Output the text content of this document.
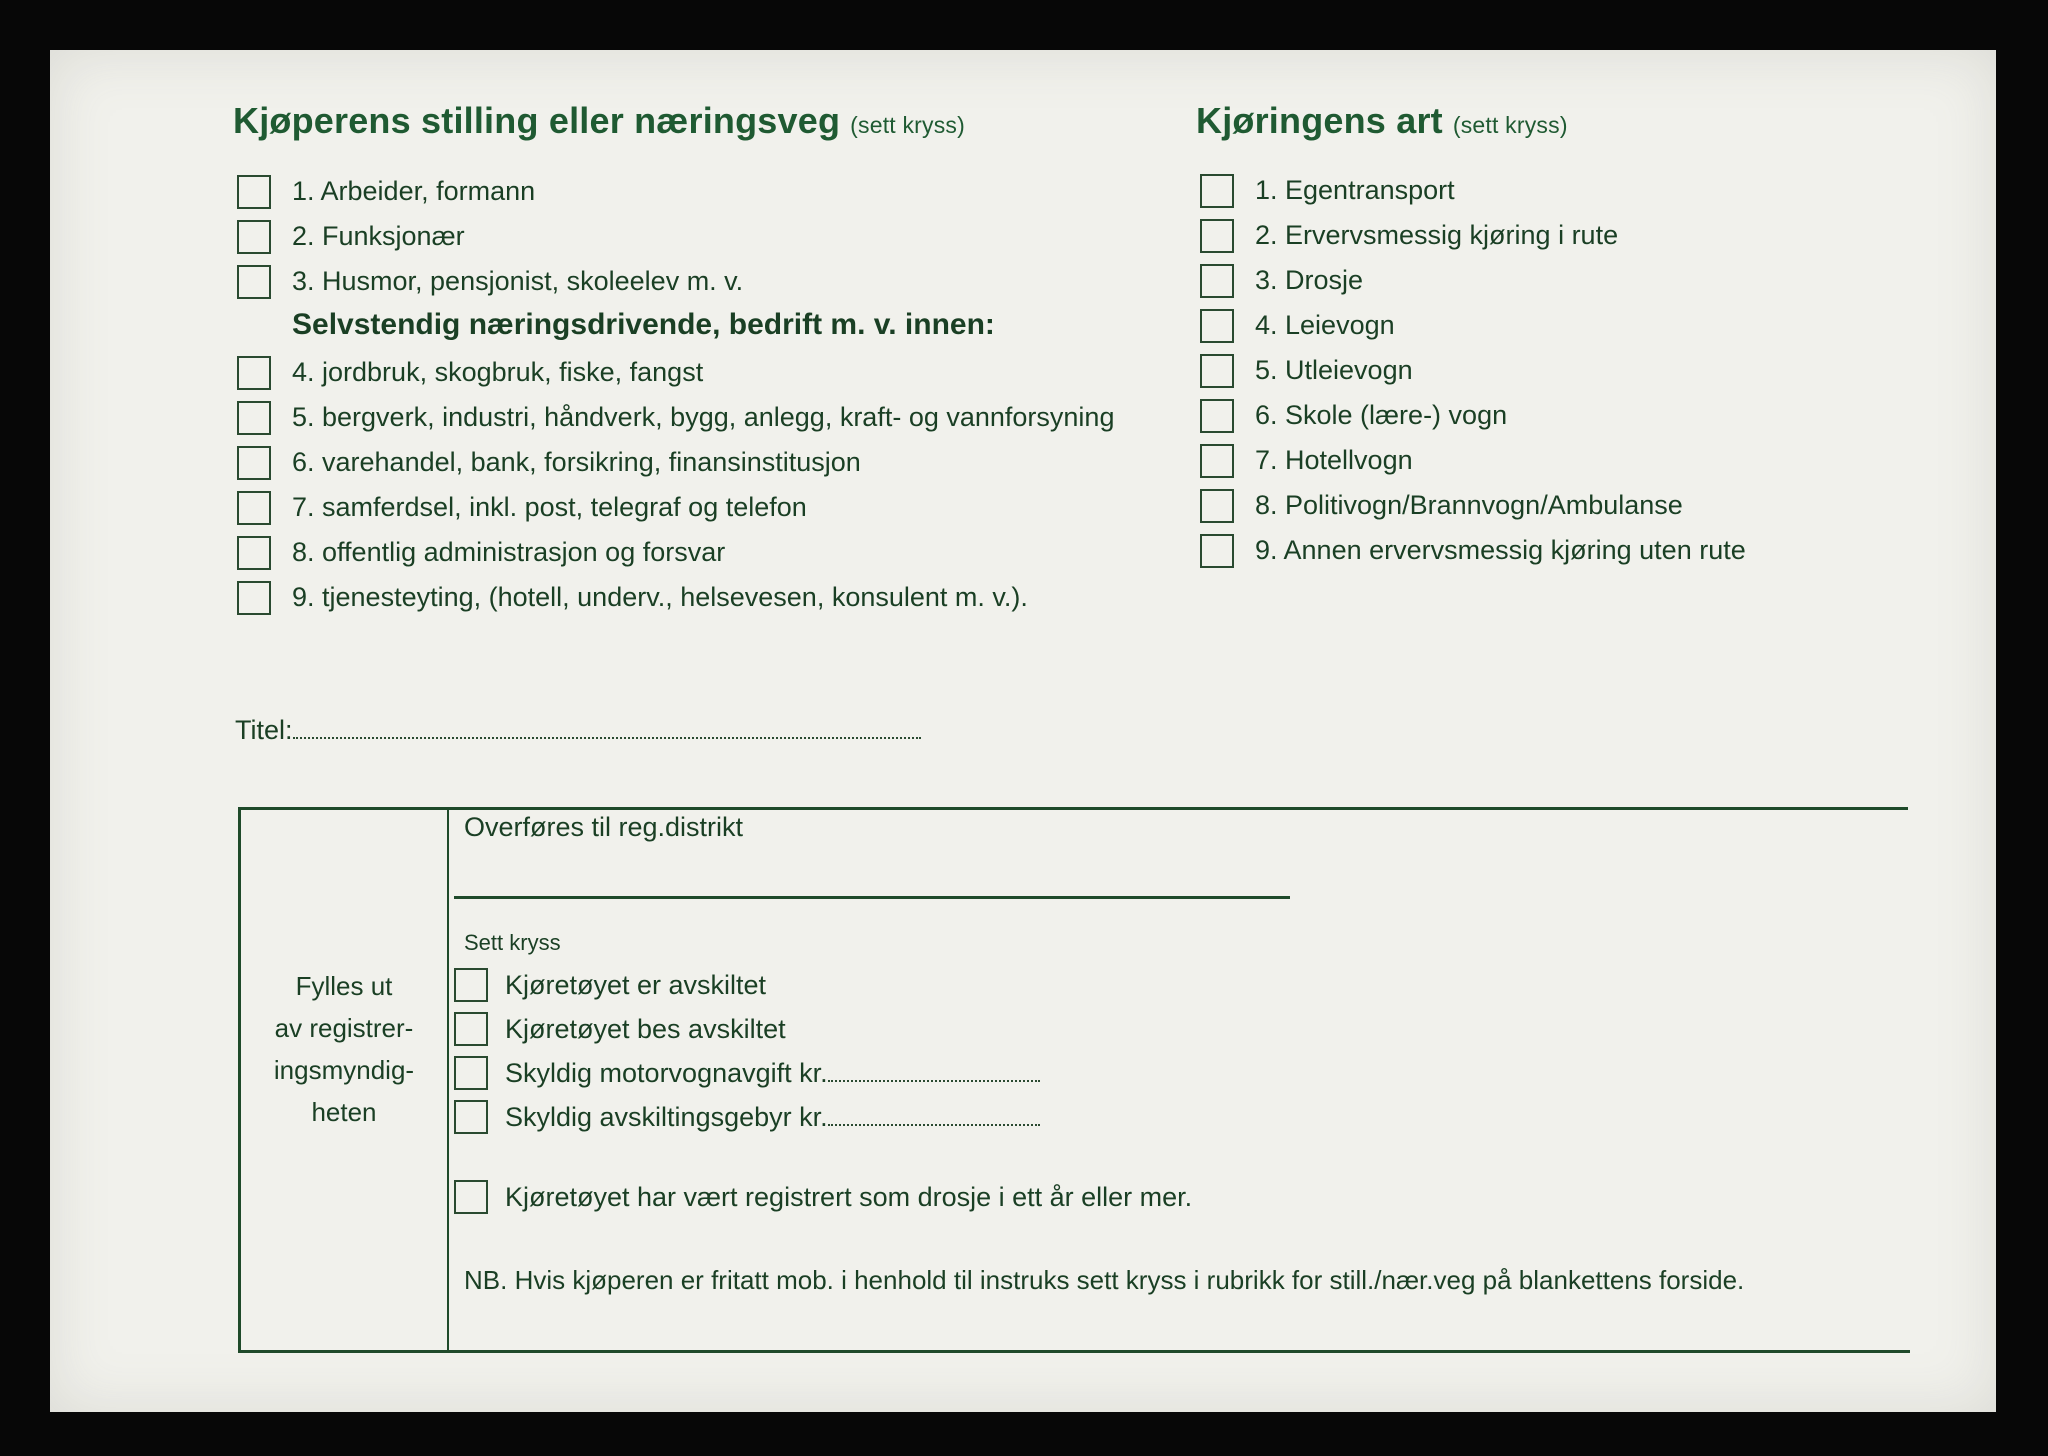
Kjøperens stilling eller næringsveg (sett kryss)
1. Arbeider, formann
2. Funksjonær
3. Husmor, pensjonist, skoleelev m. v.
Selvstendig næringsdrivende, bedrift m. v. innen:
4. jordbruk, skogbruk, fiske, fangst
5. bergverk, industri, håndverk, bygg, anlegg, kraft- og vannforsyning
6. varehandel, bank, forsikring, finansinstitusjon
7. samferdsel, inkl. post, telegraf og telefon
8. offentlig administrasjon og forsvar
9. tjenesteyting, (hotell, underv., helsevesen, konsulent m. v.).
Kjøringens art (sett kryss)
1. Egentransport
2. Ervervsmessig kjøring i rute
3. Drosje
4. Leievogn
5. Utleievogn
6. Skole (lære-) vogn
7. Hotellvogn
8. Politivogn/Brannvogn/Ambulanse
9. Annen ervervsmessig kjøring uten rute
Titel:
Fylles ut
av registrer-
ingsmyndig-
heten
Overføres til reg.distrikt
Sett kryss
Kjøretøyet er avskiltet
Kjøretøyet bes avskiltet
Skyldig motorvognavgift kr.
Skyldig avskiltingsgebyr kr.
Kjøretøyet har vært registrert som drosje i ett år eller mer.
NB. Hvis kjøperen er fritatt mob. i henhold til instruks sett kryss i rubrikk for still./nær.veg på blankettens forside.
